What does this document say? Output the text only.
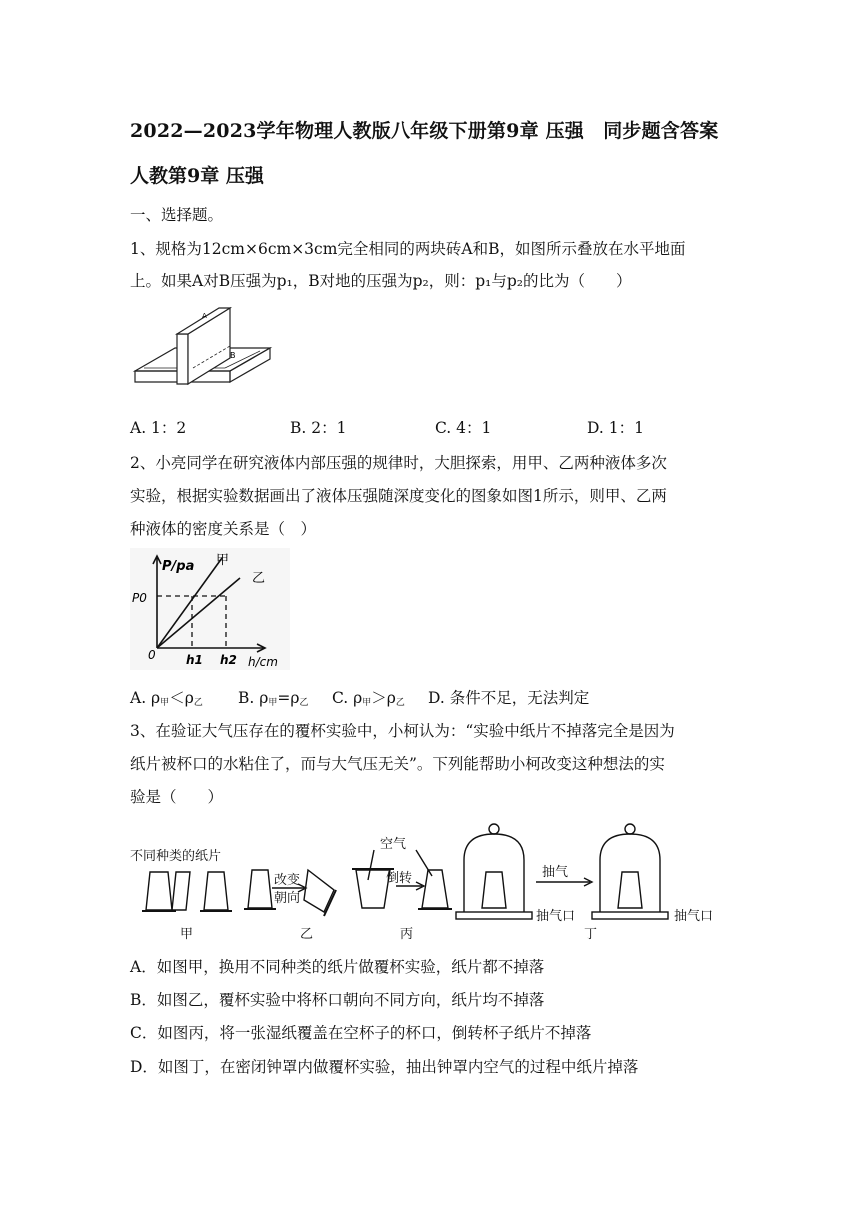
2022—2023学年物理人教版八年级下册第9章 压强　同步题含答案
人教第9章 压强
一、选择题。
1、规格为12cm×6cm×3cm完全相同的两块砖A和B，如图所示叠放在水平地面
上。如果A对B压强为p₁，B对地的压强为p₂，则：p₁与p₂的比为（　　）
A
B
A. 1：2	B. 2：1	C. 4：1	D. 1：1
2、小亮同学在研究液体内部压强的规律时，大胆探索，用甲、乙两种液体多次
实验，根据实验数据画出了液体压强随深度变化的图象如图1所示，则甲、乙两
种液体的密度关系是（　）
P/pa
P0
0	h1 h2 h/cm
甲
乙
A. $\rho_甲<\rho_乙$ B. $\rho_甲=\rho_乙$ C. $\rho_甲>\rho_乙$ D. 条件不足，无法判定
3、在验证大气压存在的覆杯实验中，小柯认为：“实验中纸片不掉落完全是因为
纸片被杯口的水粘住了，而与大气压无关”。下列能帮助小柯改变这种想法的实
验是（　　）
不同种类的纸片
改变
朝向
空气
倒转	抽气
抽气口	抽气口
甲	乙	丙	丁
A．如图甲，换用不同种类的纸片做覆杯实验，纸片都不掉落
B．如图乙，覆杯实验中将杯口朝向不同方向，纸片均不掉落
C．如图丙，将一张湿纸覆盖在空杯子的杯口，倒转杯子纸片不掉落
D．如图丁，在密闭钟罩内做覆杯实验，抽出钟罩内空气的过程中纸片掉落
